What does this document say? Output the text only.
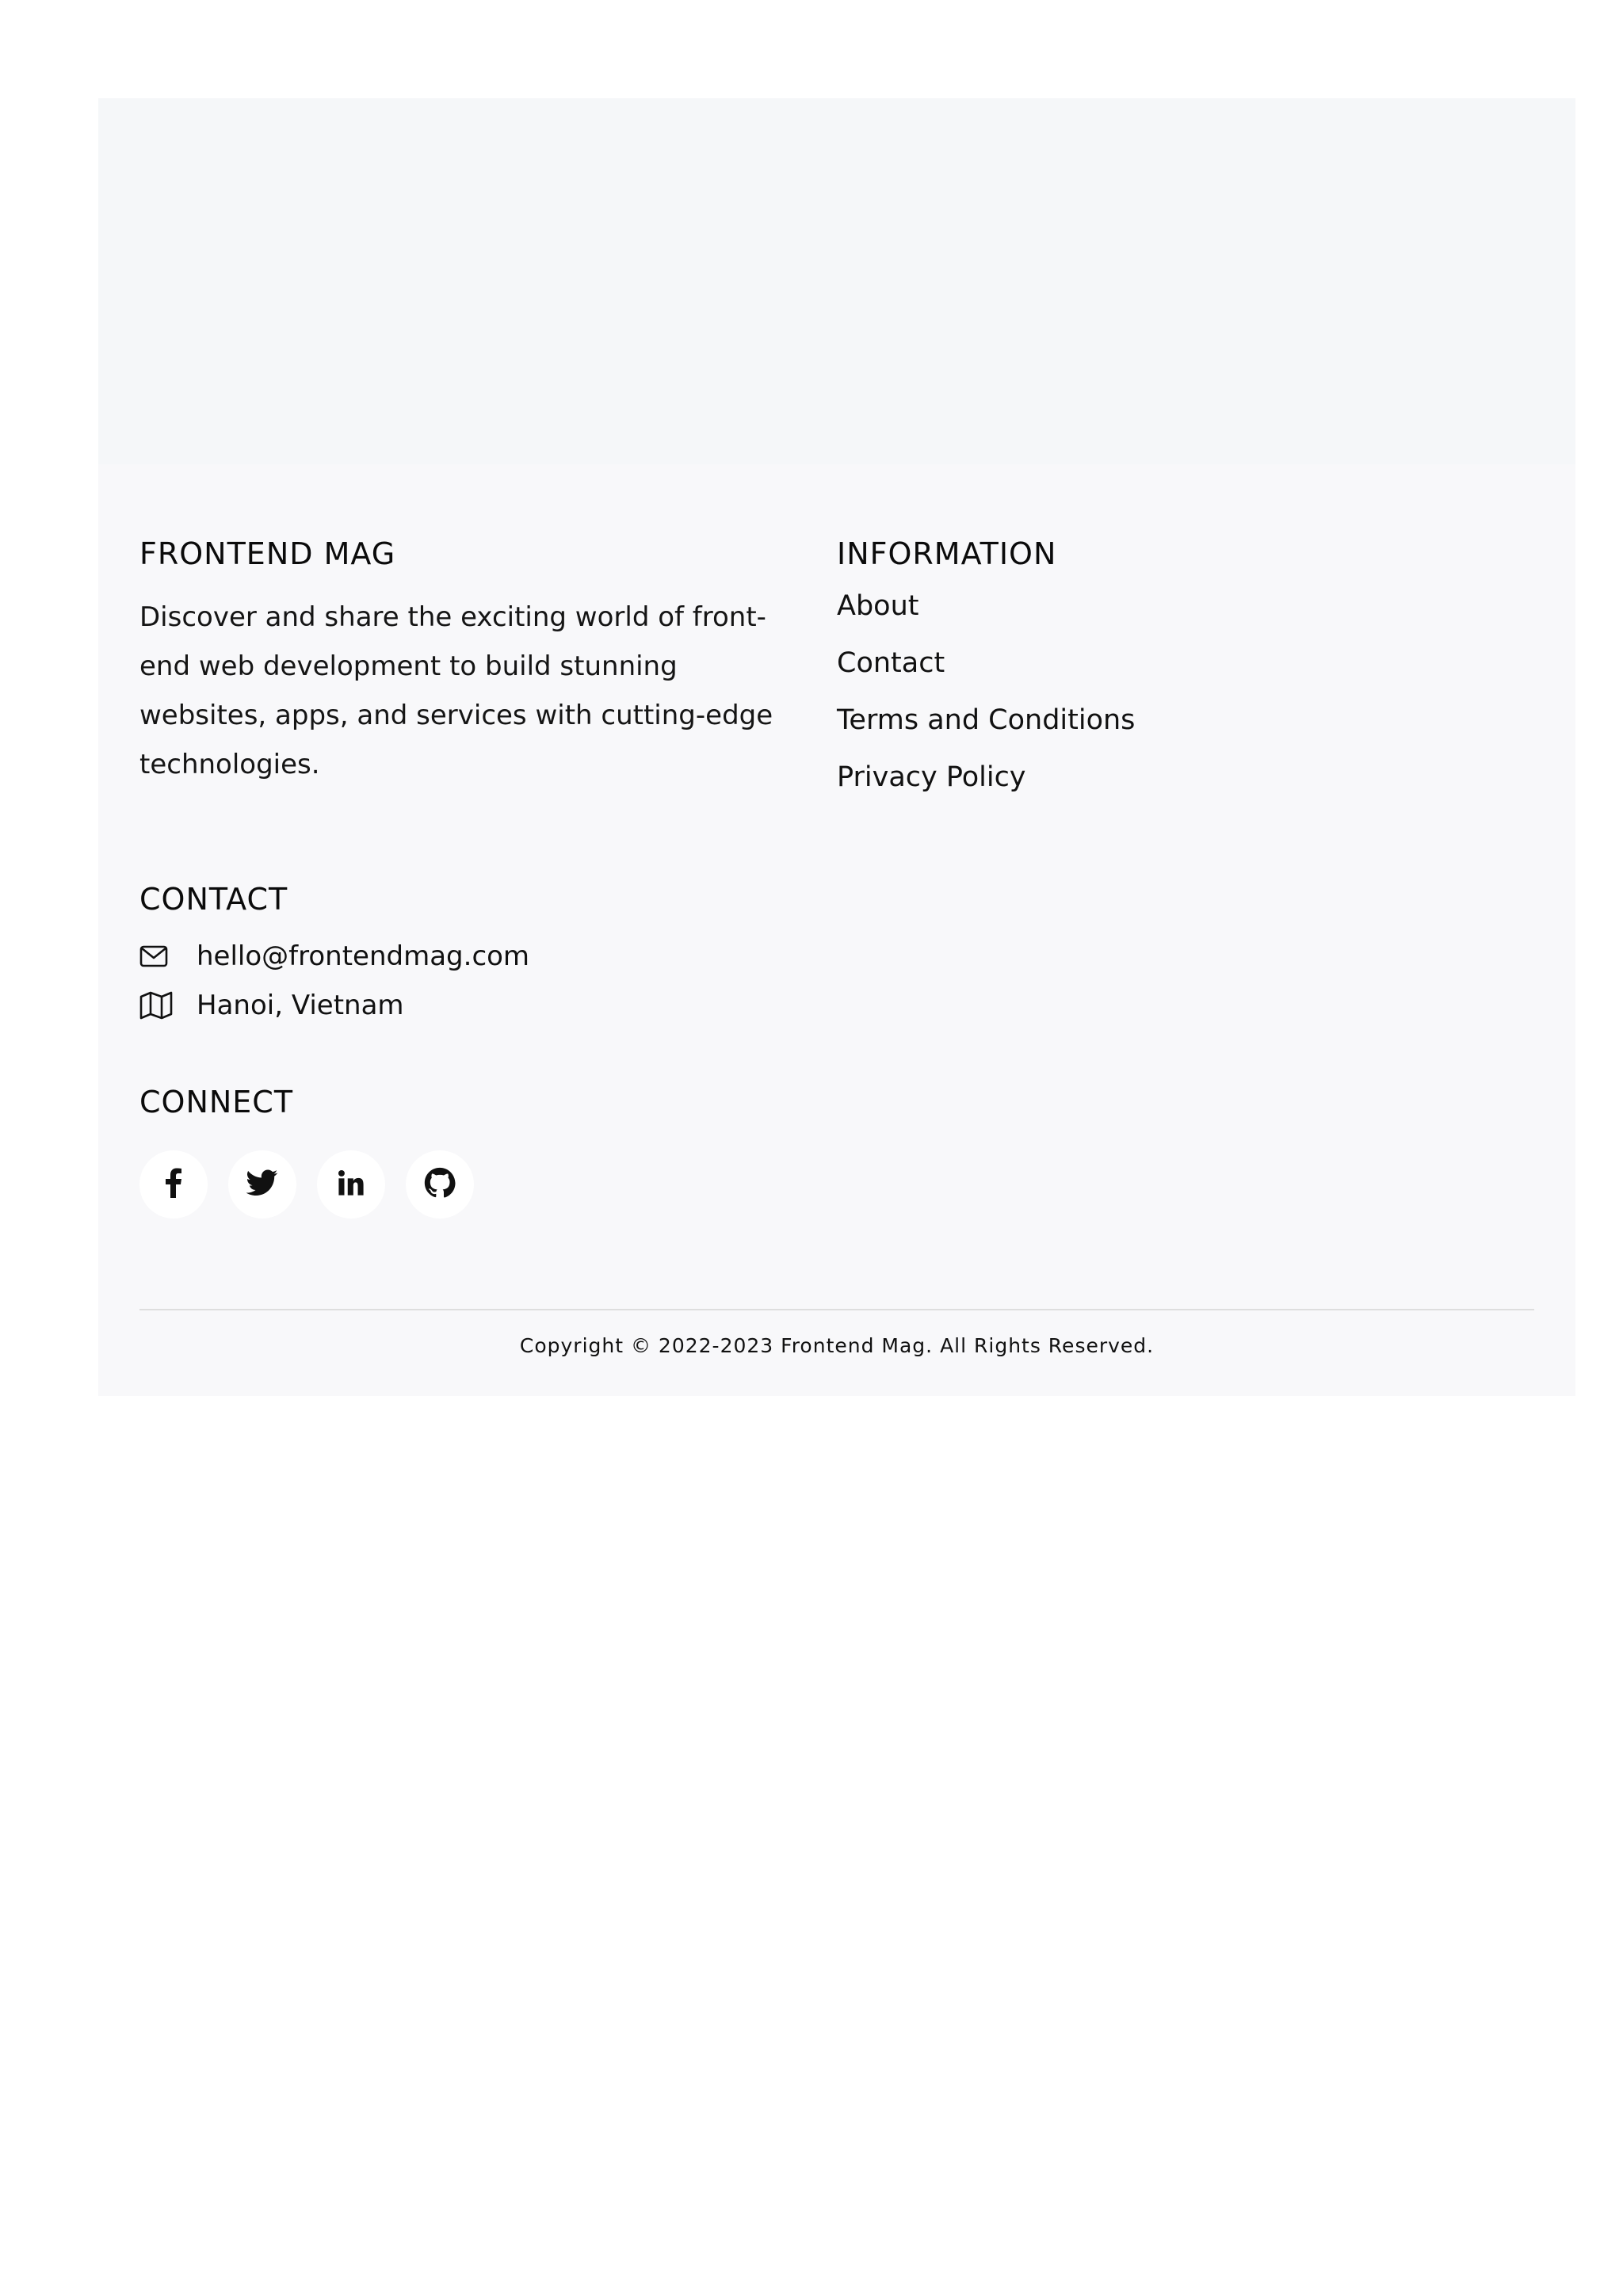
FRONTEND MAG

Discover and share the exciting world of front-end web development to build stunning websites, apps, and services with cutting-edge technologies.

INFORMATION
About
Contact
Terms and Conditions
Privacy Policy
CONTACT
hello@frontendmag.com
Hanoi, Vietnam
CONNECT
Copyright © 2022-2023 Frontend Mag. All Rights Reserved.
